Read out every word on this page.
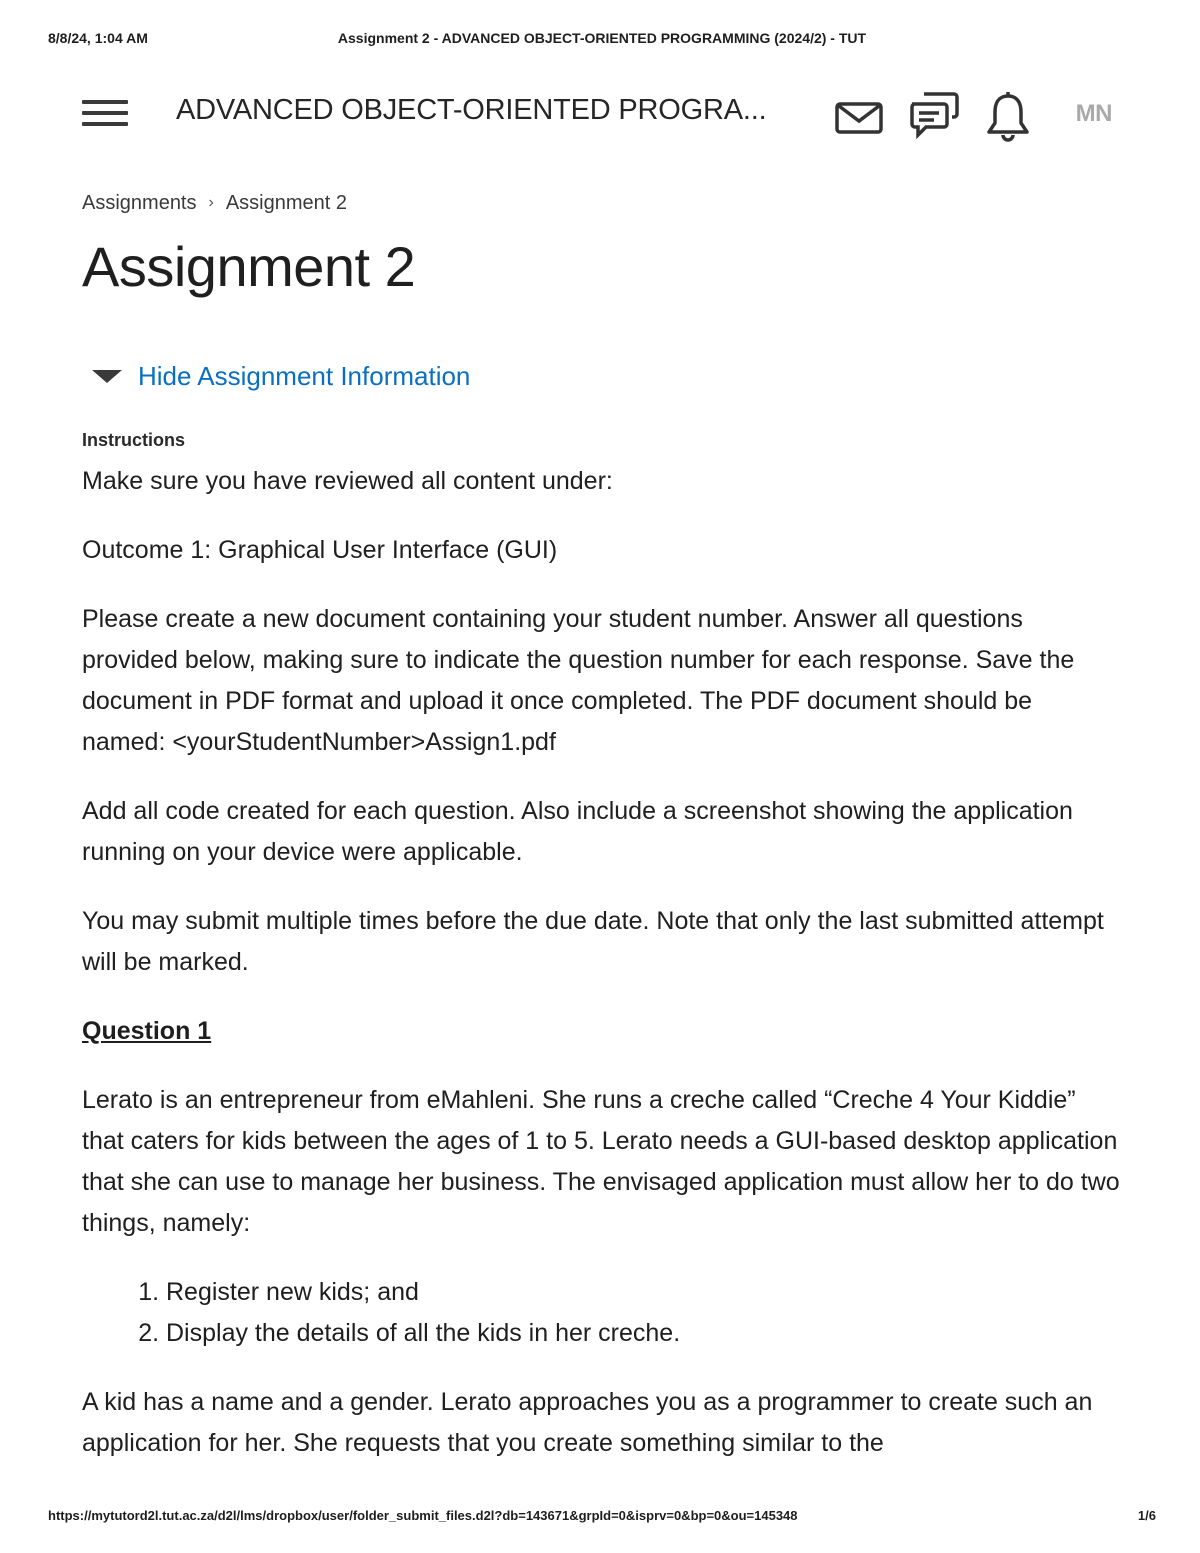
8/8/24, 1:04 AM	Assignment 2 - ADVANCED OBJECT-ORIENTED PROGRAMMING (2024/2) - TUT
ADVANCED OBJECT-ORIENTED PROGRA...	MN
Assignments › Assignment 2
Assignment 2
Hide Assignment Information
Instructions

Make sure you have reviewed all content under:

Outcome 1: Graphical User Interface (GUI)

Please create a new document containing your student number. Answer all questions provided below, making sure to indicate the question number for each response. Save the document in PDF format and upload it once completed. The PDF document should be named: <yourStudentNumber>Assign1.pdf

Add all code created for each question. Also include a screenshot showing the application running on your device were applicable.

You may submit multiple times before the due date. Note that only the last submitted attempt will be marked.

Question 1

Lerato is an entrepreneur from eMahleni. She runs a creche called “Creche 4 Your Kiddie” that caters for kids between the ages of 1 to 5. Lerato needs a GUI-based desktop application that she can use to manage her business. The envisaged application must allow her to do two things, namely:

1. Register new kids; and
2. Display the details of all the kids in her creche.

A kid has a name and a gender. Lerato approaches you as a programmer to create such an application for her. She requests that you create something similar to the

https://mytutord2l.tut.ac.za/d2l/lms/dropbox/user/folder_submit_files.d2l?db=143671&grpId=0&isprv=0&bp=0&ou=145348	1/6
